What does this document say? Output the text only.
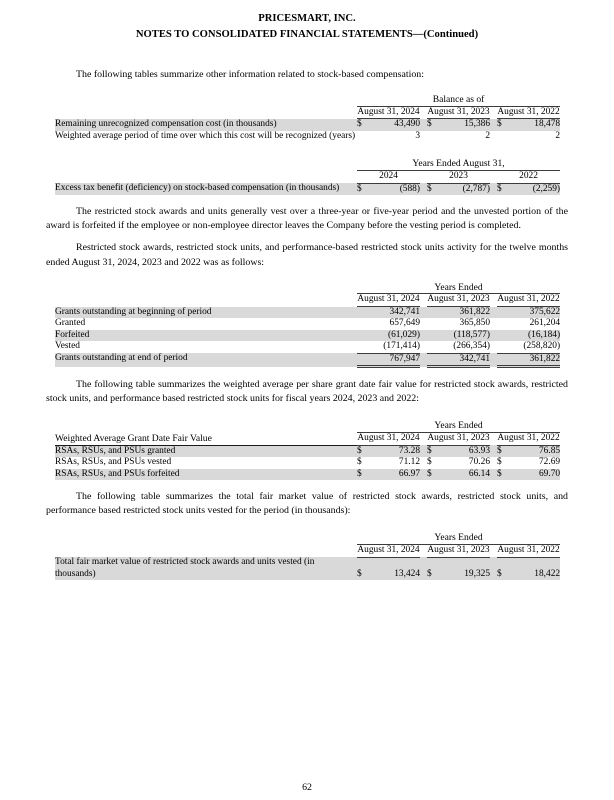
PRICESMART, INC.
NOTES TO CONSOLIDATED FINANCIAL STATEMENTS—(Continued)

The following tables summarize other information related to stock-based compensation:

	Balance as of							
	August 31, 2024			August 31, 2023			August 31, 2022	
Remaining unrecognized compensation cost (in thousands)	$	43,490		$	15,386		$	18,478
Weighted average period of time over which this cost will be recognized (years)		3			2			2
	Years Ended August 31,							
	2024			2023			2022	
Excess tax benefit (deficiency) on stock-based compensation (in thousands)	$	(588)		$	(2,787)		$	(2,259)

The restricted stock awards and units generally vest over a three-year or five-year period and the unvested portion of the award is forfeited if the employee or non-employee director leaves the Company before the vesting period is completed.

Restricted stock awards, restricted stock units, and performance-based restricted stock units activity for the twelve months ended August 31, 2024, 2023 and 2022 was as follows:

	Years Ended							
	August 31, 2024			August 31, 2023			August 31, 2022	
Grants outstanding at beginning of period		342,741			361,822			375,622
Granted		657,649			365,850			261,204
Forfeited		(61,029)			(118,577)			(16,184)
Vested		(171,414)			(266,354)			(258,820)
Grants outstanding at end of period		767,947			342,741			361,822

The following table summarizes the weighted average per share grant date fair value for restricted stock awards, restricted stock units, and performance based restricted stock units for fiscal years 2024, 2023 and 2022:

	Years Ended							
Weighted Average Grant Date Fair Value	August 31, 2024			August 31, 2023			August 31, 2022	
RSAs, RSUs, and PSUs granted	$	73.28		$	63.93		$	76.85
RSAs, RSUs, and PSUs vested	$	71.12		$	70.26		$	72.69
RSAs, RSUs, and PSUs forfeited	$	66.97		$	66.14		$	69.70

The following table summarizes the total fair market value of restricted stock awards, restricted stock units, and performance based restricted stock units vested for the period (in thousands):

	Years Ended							
	August 31, 2024			August 31, 2023			August 31, 2022	
Total fair market value of restricted stock awards and units vested (in thousands)	$	13,424		$	19,325		$	18,422
62
